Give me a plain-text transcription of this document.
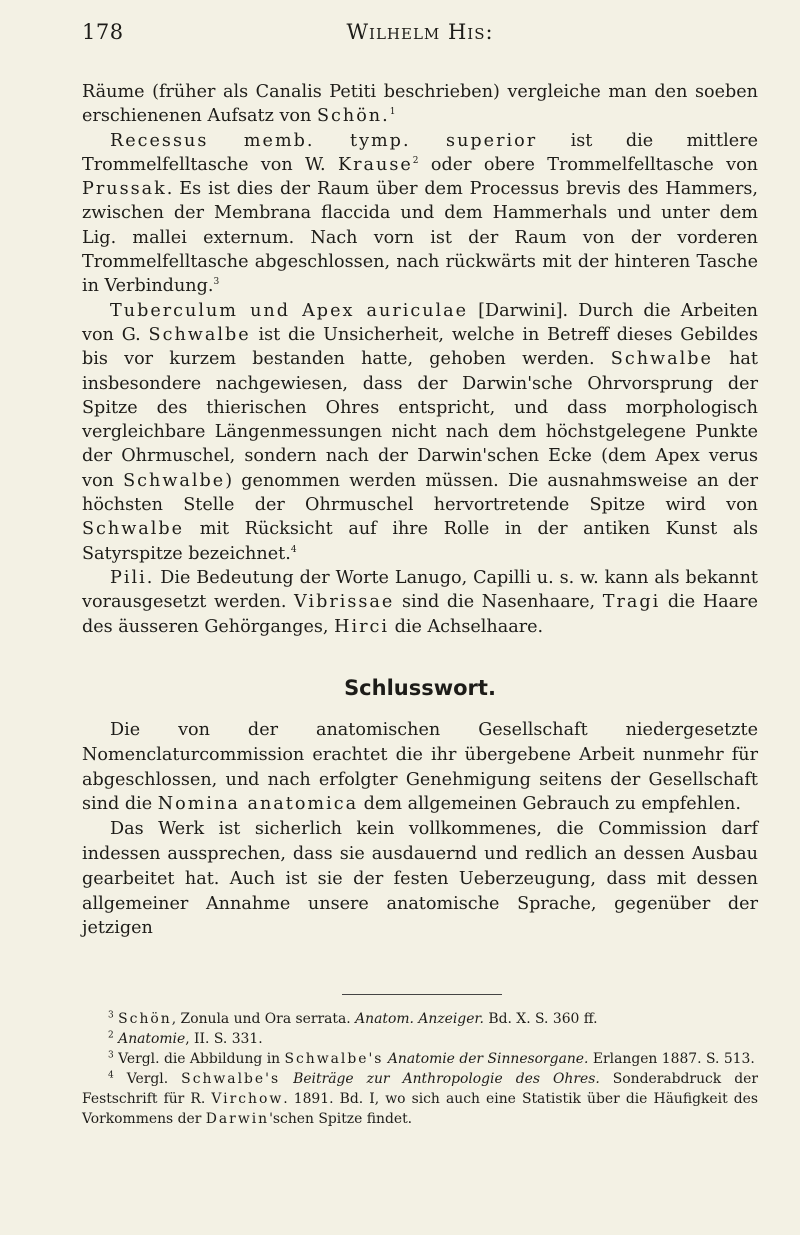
178	Wilhelm His:

Räume (früher als Canalis Petiti beschrieben) vergleiche man den soeben erschienenen Aufsatz von Schön.$^1$

Recessus memb. tymp. superior ist die mittlere Trommelfelltasche von W. Krause$^2$ oder obere Trommelfelltasche von Prussak. Es ist dies der Raum über dem Processus brevis des Hammers, zwischen der Membrana flaccida und dem Hammerhals und unter dem Lig. mallei externum. Nach vorn ist der Raum von der vorderen Trommelfelltasche abgeschlossen, nach rückwärts mit der hinteren Tasche in Verbindung.$^3$

Tuberculum und Apex auriculae [Darwini]. Durch die Arbeiten von G. Schwalbe ist die Unsicherheit, welche in Betreff dieses Gebildes bis vor kurzem bestanden hatte, gehoben werden. Schwalbe hat insbesondere nachgewiesen, dass der Darwin'sche Ohrvorsprung der Spitze des thierischen Ohres entspricht, und dass morphologisch vergleichbare Längenmessungen nicht nach dem höchstgelegene Punkte der Ohrmuschel, sondern nach der Darwin'schen Ecke (dem Apex verus von Schwalbe) genommen werden müssen. Die ausnahmsweise an der höchsten Stelle der Ohrmuschel hervortretende Spitze wird von Schwalbe mit Rücksicht auf ihre Rolle in der antiken Kunst als Satyrspitze bezeichnet.$^4$

Pili. Die Bedeutung der Worte Lanugo, Capilli u. s. w. kann als bekannt vorausgesetzt werden. Vibrissae sind die Nasenhaare, Tragi die Haare des äusseren Gehörganges, Hirci die Achselhaare.

Schlusswort.

Die von der anatomischen Gesellschaft niedergesetzte Nomenclaturcommission erachtet die ihr übergebene Arbeit nunmehr für abgeschlossen, und nach erfolgter Genehmigung seitens der Gesellschaft sind die Nomina anatomica dem allgemeinen Gebrauch zu empfehlen.

Das Werk ist sicherlich kein vollkommenes, die Commission darf indessen aussprechen, dass sie ausdauernd und redlich an dessen Ausbau gearbeitet hat. Auch ist sie der festen Ueberzeugung, dass mit dessen allgemeiner Annahme unsere anatomische Sprache, gegenüber der jetzigen

$^3$ Schön, Zonula und Ora serrata. Anatom. Anzeiger. Bd. X. S. 360 ff.

$^2$ Anatomie, II. S. 331.

$^3$ Vergl. die Abbildung in Schwalbe's Anatomie der Sinnesorgane. Erlangen 1887. S. 513.

$^4$ Vergl. Schwalbe's Beiträge zur Anthropologie des Ohres. Sonderabdruck der Festschrift für R. Virchow. 1891. Bd. I, wo sich auch eine Statistik über die Häufigkeit des Vorkommens der Darwin'schen Spitze findet.
